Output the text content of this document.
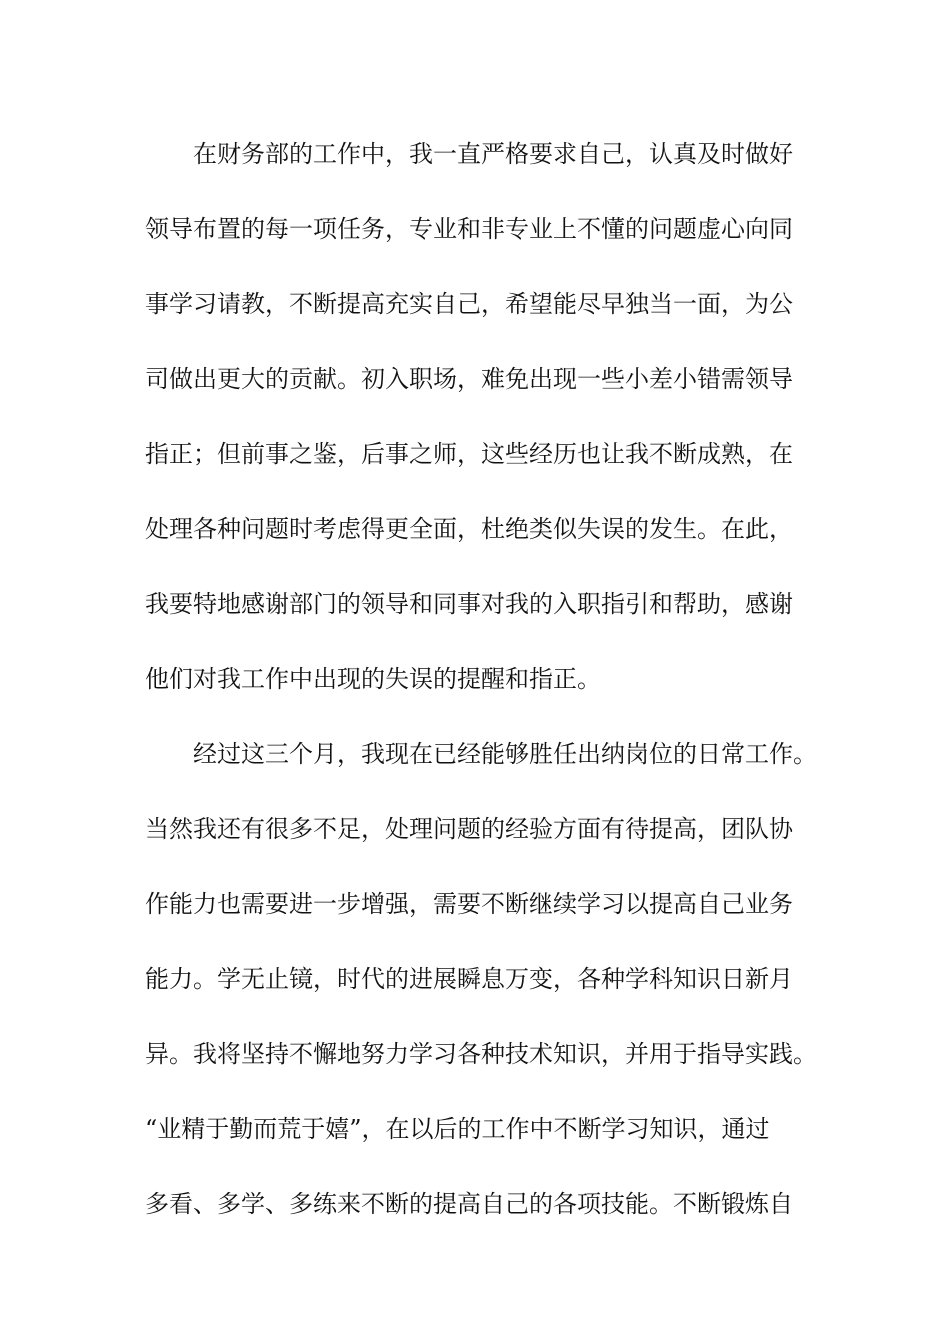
在财务部的工作中，我一直严格要求自己，认真及时做好
领导布置的每一项任务，专业和非专业上不懂的问题虚心向同
事学习请教，不断提高充实自己，希望能尽早独当一面，为公
司做出更大的贡献。初入职场，难免出现一些小差小错需领导
指正；但前事之鉴，后事之师，这些经历也让我不断成熟，在
处理各种问题时考虑得更全面，杜绝类似失误的发生。在此，
我要特地感谢部门的领导和同事对我的入职指引和帮助，感谢
他们对我工作中出现的失误的提醒和指正。
经过这三个月，我现在已经能够胜任出纳岗位的日常工作。
当然我还有很多不足，处理问题的经验方面有待提高，团队协
作能力也需要进一步增强，需要不断继续学习以提高自己业务
能力。学无止镜，时代的进展瞬息万变，各种学科知识日新月
异。我将坚持不懈地努力学习各种技术知识，并用于指导实践。
“业精于勤而荒于嬉”，在以后的工作中不断学习知识，通过
多看、多学、多练来不断的提高自己的各项技能。不断锻炼自
